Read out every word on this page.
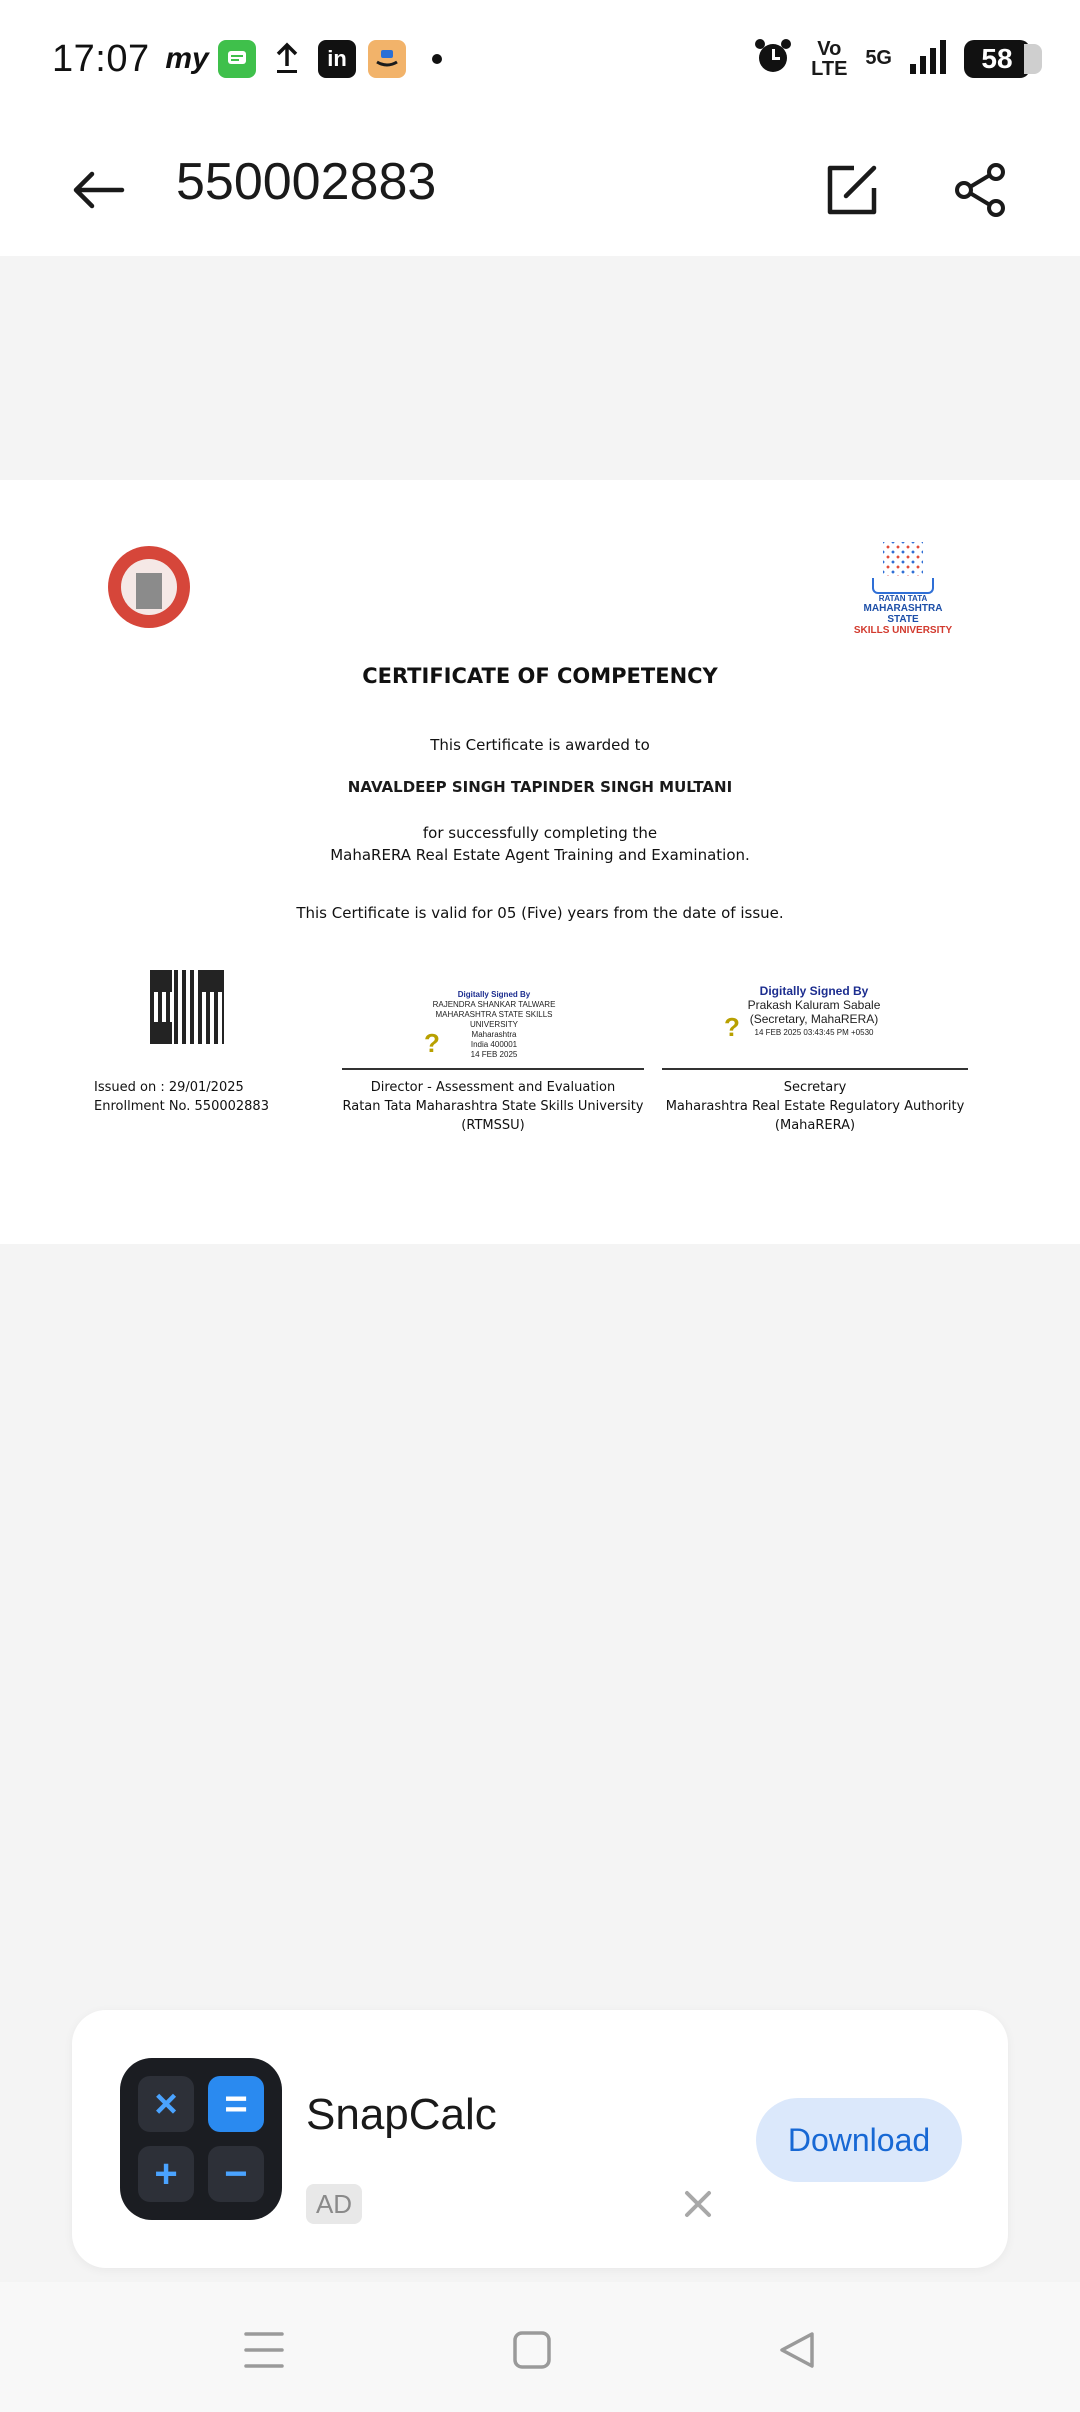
17:07 my	in	Vo LTE 5G	58
550002883
RATAN TATA
MAHARASHTRA STATE
SKILLS UNIVERSITY
CERTIFICATE OF COMPETENCY
This Certificate is awarded to
NAVALDEEP SINGH TAPINDER SINGH MULTANI
for successfully completing the
MahaRERA Real Estate Agent Training and Examination.
This Certificate is valid for 05 (Five) years from the date of issue.
Issued on : 29/01/2025
Enrollment No. 550002883
Digitally Signed By
RAJENDRA SHANKAR TALWARE
MAHARASHTRA STATE SKILLS
UNIVERSITY
Maharashtra
India 400001
14 FEB 2025
?
Digitally Signed By
Prakash Kaluram Sabale
(Secretary, MahaRERA)
14 FEB 2025 03:43:45 PM +0530
?
Director - Assessment and Evaluation
Ratan Tata Maharashtra State Skills University
(RTMSSU)
Secretary
Maharashtra Real Estate Regulatory Authority
(MahaRERA)
×	=
+	−
SnapCalc
AD
Download
